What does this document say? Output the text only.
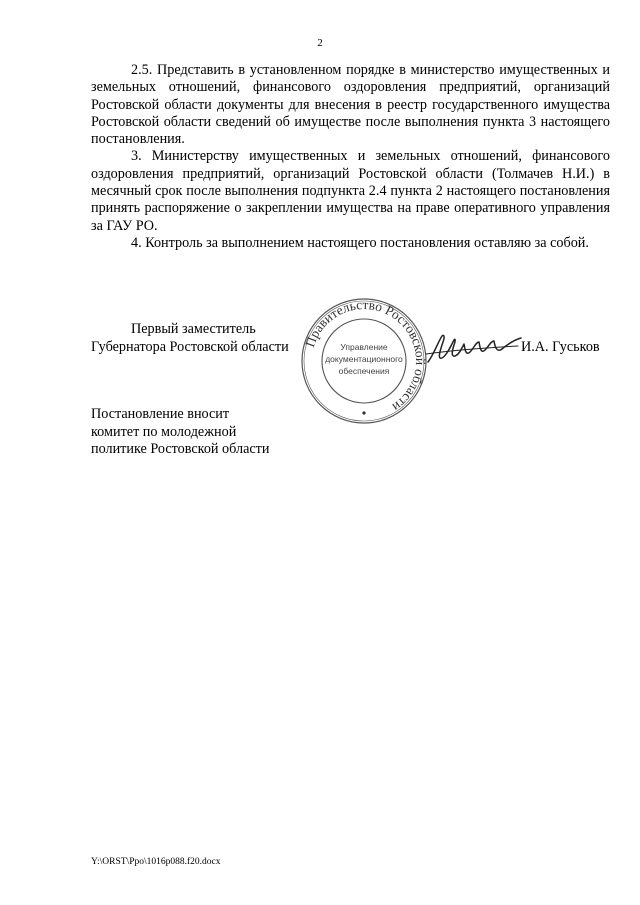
2

2.5. Представить в установленном порядке в министерство имущественных и земельных отношений, финансового оздоровления предприятий, организаций Ростовской области документы для внесения в реестр государственного имущества Ростовской области сведений об имуществе после выполнения пункта 3 настоящего постановления.

3. Министерству имущественных и земельных отношений, финансового оздоровления предприятий, организаций Ростовской области (Толмачев Н.И.) в месячный срок после выполнения подпункта 2.4 пункта 2 настоящего постановления принять распоряжение о закреплении имущества на праве оперативного управления за ГАУ РО.

4. Контроль за выполнением настоящего постановления оставляю за собой.

Первый заместитель
Губернатора Ростовской области Правительство Ростовской области
Управление
документационного
обеспечения
И.А. Гуськов
Постановление вносит
комитет по молодежной
политике Ростовской области
Y:\ORST\Ppo\1016p088.f20.docx
